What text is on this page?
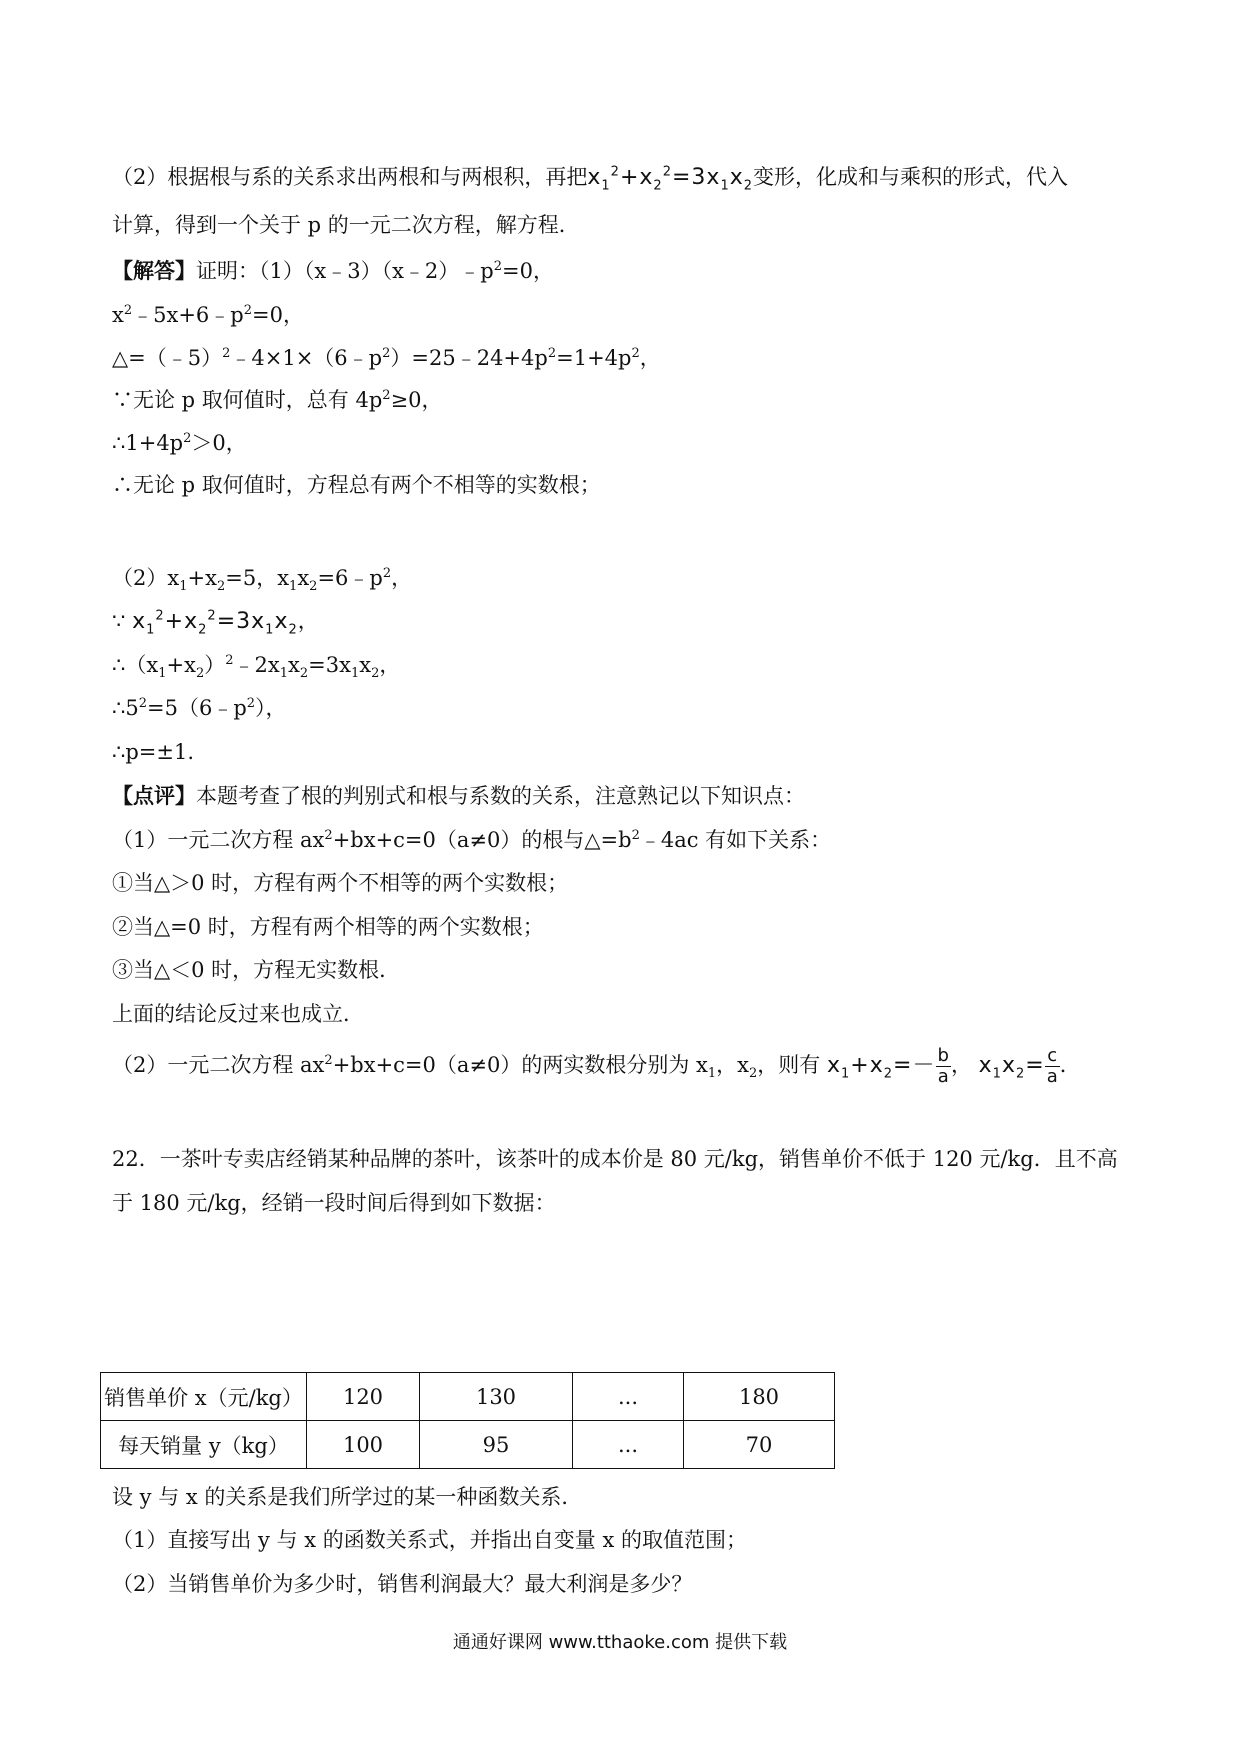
（2）根据根与系的关系求出两根和与两根积，再把$x_1^2+x_2^2=3x_1x_2$变形，化成和与乘积的形式，代入
计算，得到一个关于 p 的一元二次方程，解方程．
【解答】证明：$(1)(x﹣3)(x﹣2)﹣p^2=0$，
$x^2﹣5x+6﹣p^2=0$，
$\triangle=(﹣5)^2﹣4\times 1\times(6﹣p^2)=25﹣24+4p^2=1+4p^2$，
∵无论 p 取何值时，总有 $4p^2\ge 0$，
$\therefore 1+4p^2>0$，
∴无论 p 取何值时，方程总有两个不相等的实数根；
$(2)x_1+x_2=5$，$x_1x_2=6﹣p^2$，
∵ $x_1^2+x_2^2=3x_1x_2$，
$\therefore(x_1+x_2)^2﹣2x_1x_2=3x_1x_2$，
$\therefore 5^2=5(6﹣p^2)$，
∴p=±1.
【点评】本题考查了根的判别式和根与系数的关系，注意熟记以下知识点：
（1）一元二次方程 $ax^2+bx+c=0(a\ne 0)$的根与$\triangle=b^2﹣4ac$ 有如下关系：
①当△＞0 时，方程有两个不相等的两个实数根；
②当△=0 时，方程有两个相等的两个实数根；
③当△＜0 时，方程无实数根．
上面的结论反过来也成立．
（2）一元二次方程 $ax^2+bx+c=0(a\ne 0)$的两实数根分别为 $x_1$，$x_2$，则有 $x_1+x_2=- \frac{b}{a}$ ， $x_1x_2= \frac{c}{a}$ ．
22．一茶叶专卖店经销某种品牌的茶叶，该茶叶的成本价是 80 元/kg，销售单价不低于 120 元/kg．且不高
于 180 元/kg，经销一段时间后得到如下数据：
销售单价 x（元/kg）	120	130	...	180
每天销量 y（kg）	100	95	...	70
设 y 与 x 的关系是我们所学过的某一种函数关系．
（1）直接写出 y 与 x 的函数关系式，并指出自变量 x 的取值范围；
（2）当销售单价为多少时，销售利润最大？最大利润是多少？
通通好课网 www.tthaoke.com 提供下载
